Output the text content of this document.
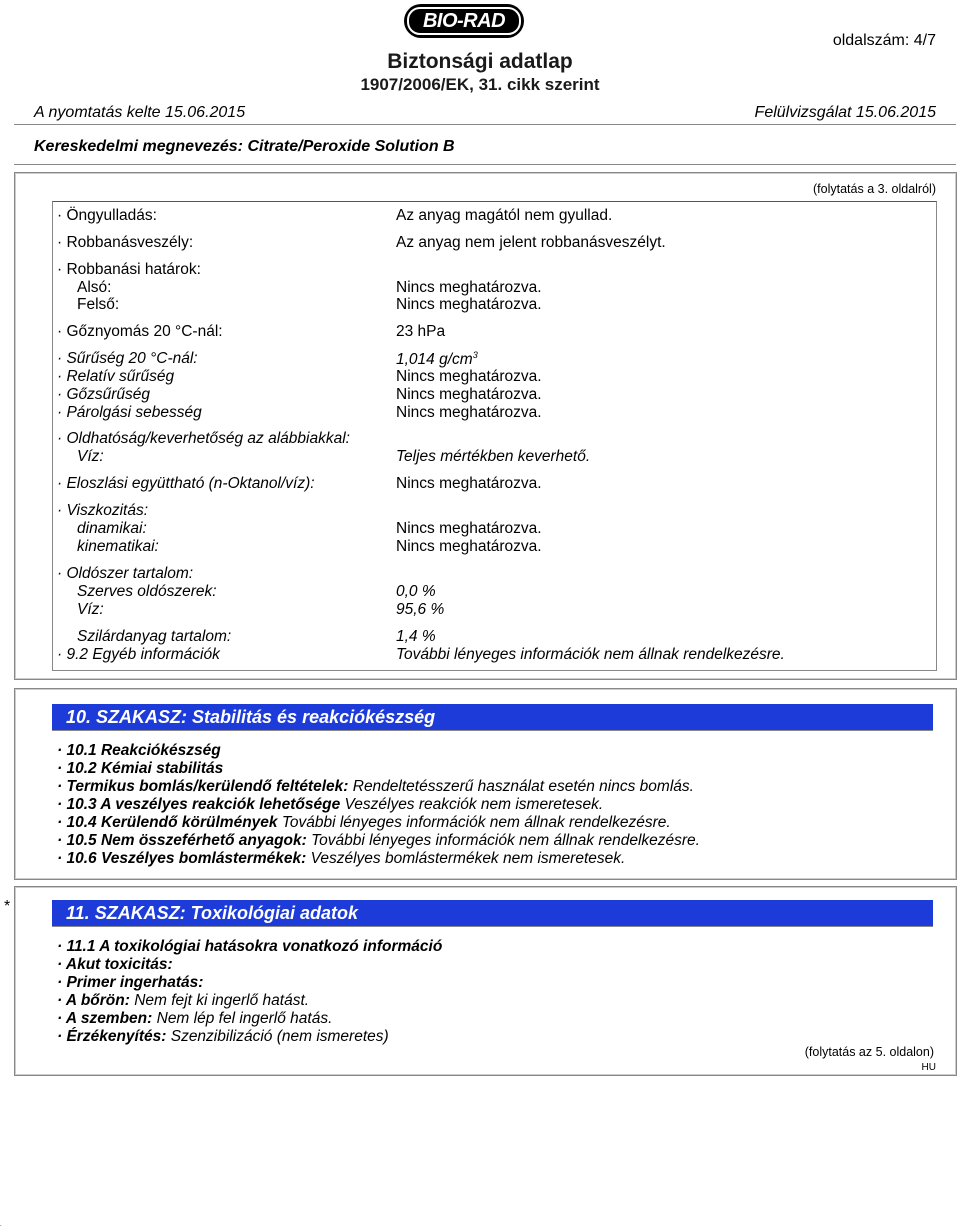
BIO-RAD
Biztonsági adatlap
1907/2006/EK, 31. cikk szerint
oldalszám: 4/7
A nyomtatás kelte 15.06.2015	Felülvizsgálat 15.06.2015
Kereskedelmi megnevezés: Citrate/Peroxide Solution B
(folytatás a 3. oldalról)
· Öngyulladás:	Az anyag magától nem gyullad.
· Robbanásveszély:	Az anyag nem jelent robbanásveszélyt.
· Robbanási határok:
Alsó:	Nincs meghatározva.
Felső:	Nincs meghatározva.
· Gőznyomás 20 °C-nál:	23 hPa
· Sűrűség 20 °C-nál:	1,014 $g/cm^3$
· Relatív sűrűség	Nincs meghatározva.
· Gőzsűrűség	Nincs meghatározva.
· Párolgási sebesség	Nincs meghatározva.
· Oldhatóság/keverhetőség az alábbiakkal:
Víz:	Teljes mértékben keverhető.
· Eloszlási együttható (n-Oktanol/víz):	Nincs meghatározva.
· Viszkozitás:
dinamikai:	Nincs meghatározva.
kinematikai:	Nincs meghatározva.
· Oldószer tartalom:
Szerves oldószerek:	0,0 %
Víz:	95,6 %
Szilárdanyag tartalom:	1,4 %
· 9.2 Egyéb információk	További lényeges információk nem állnak rendelkezésre.
10. SZAKASZ: Stabilitás és reakciókészség
· 10.1 Reakciókészség
· 10.2 Kémiai stabilitás
· Termikus bomlás/kerülendő feltételek: Rendeltetésszerű használat esetén nincs bomlás.
· 10.3 A veszélyes reakciók lehetősége Veszélyes reakciók nem ismeretesek.
· 10.4 Kerülendő körülmények További lényeges információk nem állnak rendelkezésre.
· 10.5 Nem összeférhető anyagok: További lényeges információk nem állnak rendelkezésre.
· 10.6 Veszélyes bomlástermékek: Veszélyes bomlástermékek nem ismeretesek.
*	11. SZAKASZ: Toxikológiai adatok
· 11.1 A toxikológiai hatásokra vonatkozó információ
· Akut toxicitás:
· Primer ingerhatás:
· A bőrön: Nem fejt ki ingerlő hatást.
· A szemben: Nem lép fel ingerlő hatás.
· Érzékenyítés: Szenzibilizáció (nem ismeretes)
(folytatás az 5. oldalon)
HU
.
